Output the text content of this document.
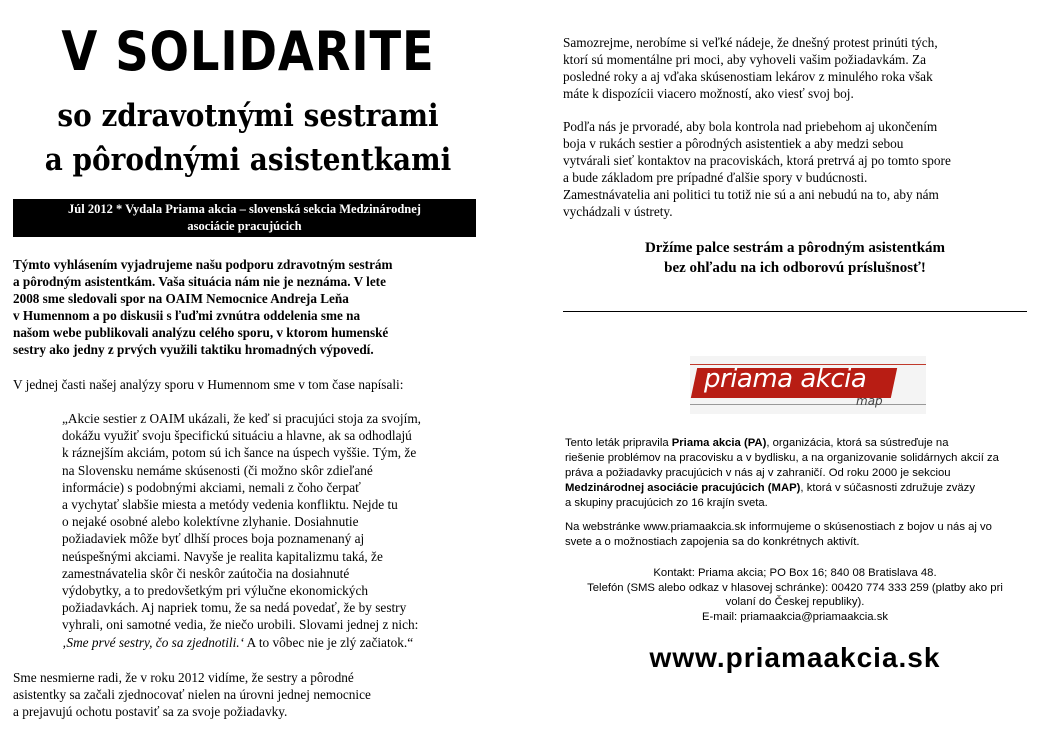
V SOLIDARITE
so zdravotnými sestrami
a pôrodnými asistentkami
Júl 2012 * Vydala Priama akcia – slovenská sekcia Medzinárodnej
asociácie pracujúcich
Týmto vyhlásením vyjadrujeme našu podporu zdravotným sestrám
a pôrodným asistentkám. Vaša situácia nám nie je neznáma. V lete
2008 sme sledovali spor na OAIM Nemocnice Andreja Leňa
v Humennom a po diskusii s ľuďmi zvnútra oddelenia sme na
našom webe publikovali analýzu celého sporu, v ktorom humenské
sestry ako jedny z prvých využili taktiku hromadných výpovedí.
V jednej časti našej analýzy sporu v Humennom sme v tom čase napísali:
„Akcie sestier z OAIM ukázali, že keď si pracujúci stoja za svojím,
dokážu využiť svoju špecifickú situáciu a hlavne, ak sa odhodlajú
k ráznejším akciám, potom sú ich šance na úspech vyššie. Tým, že
na Slovensku nemáme skúsenosti (či možno skôr zdieľané
informácie) s podobnými akciami, nemali z čoho čerpať
a vychytať slabšie miesta a metódy vedenia konfliktu. Nejde tu
o nejaké osobné alebo kolektívne zlyhanie. Dosiahnutie
požiadaviek môže byť dlhší proces boja poznamenaný aj
neúspešnými akciami. Navyše je realita kapitalizmu taká, že
zamestnávatelia skôr či neskôr zaútočia na dosiahnuté
výdobytky, a to predovšetkým pri výlučne ekonomických
požiadavkách. Aj napriek tomu, že sa nedá povedať, že by sestry
vyhrali, oni samotné vedia, že niečo urobili. Slovami jednej z nich:
‚Sme prvé sestry, čo sa zjednotili.‘ A to vôbec nie je zlý začiatok.“
Sme nesmierne radi, že v roku 2012 vidíme, že sestry a pôrodné
asistentky sa začali zjednocovať nielen na úrovni jednej nemocnice
a prejavujú ochotu postaviť sa za svoje požiadavky.
Samozrejme, nerobíme si veľké nádeje, že dnešný protest prinúti tých,
ktorí sú momentálne pri moci, aby vyhoveli vašim požiadavkám. Za
posledné roky a aj vďaka skúsenostiam lekárov z minulého roka však
máte k dispozícii viacero možností, ako viesť svoj boj.
Podľa nás je prvoradé, aby bola kontrola nad priebehom aj ukončením
boja v rukách sestier a pôrodných asistentiek a aby medzi sebou
vytvárali sieť kontaktov na pracoviskách, ktorá pretrvá aj po tomto spore
a bude základom pre prípadné ďalšie spory v budúcnosti.
Zamestnávatelia ani politici tu totiž nie sú a ani nebudú na to, aby nám
vychádzali v ústrety.
Držíme palce sestrám a pôrodným asistentkám
bez ohľadu na ich odborovú príslušnosť!
priama akcia
map
Tento leták pripravila Priama akcia (PA), organizácia, ktorá sa sústreďuje na
riešenie problémov na pracovisku a v bydlisku, a na organizovanie solidárnych akcií za
práva a požiadavky pracujúcich v nás aj v zahraničí. Od roku 2000 je sekciou
Medzinárodnej asociácie pracujúcich (MAP), ktorá v súčasnosti združuje zväzy
a skupiny pracujúcich zo 16 krajín sveta.
Na webstránke www.priamaakcia.sk informujeme o skúsenostiach z bojov u nás aj vo
svete a o možnostiach zapojenia sa do konkrétnych aktivít.
Kontakt: Priama akcia; PO Box 16; 840 08 Bratislava 48.
Telefón (SMS alebo odkaz v hlasovej schránke): 00420 774 333 259 (platby ako pri
volaní do Českej republiky).
E-mail: priamaakcia@priamaakcia.sk
www.priamaakcia.sk
